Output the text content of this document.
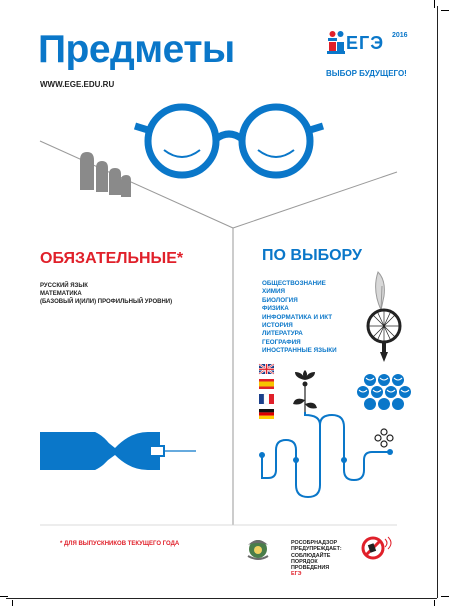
Предметы
WWW.EGE.EDU.RU
2016
ЕГЭ
ВЫБОР БУДУЩЕГО!
ОБЯЗАТЕЛЬНЫЕ*	ПО ВЫБОРУ
РУССКИЙ ЯЗЫК
МАТЕМАТИКА
(БАЗОВЫЙ И(ИЛИ) ПРОФИЛЬНЫЙ УРОВНИ)
ОБЩЕСТВОЗНАНИЕ
ХИМИЯ
БИОЛОГИЯ
ФИЗИКА
ИНФОРМАТИКА И ИКТ
ИСТОРИЯ
ЛИТЕРАТУРА
ГЕОГРАФИЯ
ИНОСТРАННЫЕ ЯЗЫКИ
* ДЛЯ ВЫПУСКНИКОВ ТЕКУЩЕГО ГОДА	РОСОБРНАДЗОР
ПРЕДУПРЕЖДАЕТ:
СОБЛЮДАЙТЕ
ПОРЯДОК
ПРОВЕДЕНИЯ
ЕГЭ
